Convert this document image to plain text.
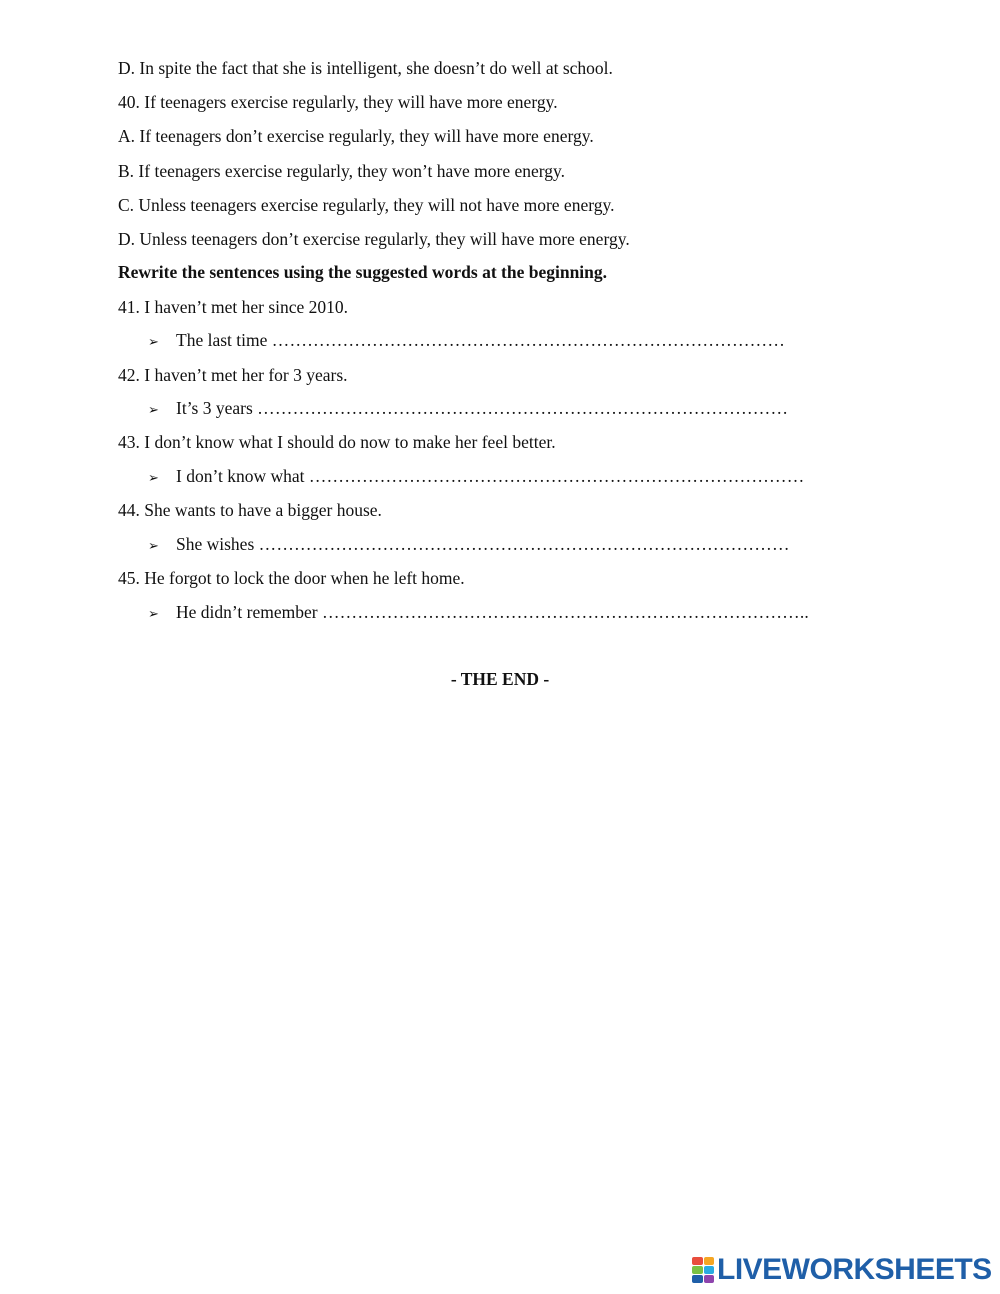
D. In spite the fact that she is intelligent, she doesn’t do well at school.
40. If teenagers exercise regularly, they will have more energy.
A. If teenagers don’t exercise regularly, they will have more energy.
B. If teenagers exercise regularly, they won’t have more energy.
C. Unless teenagers exercise regularly, they will not have more energy.
D. Unless teenagers don’t exercise regularly, they will have more energy.
Rewrite the sentences using the suggested words at the beginning.
41. I haven’t met her since 2010.
➢ The last time ……………………………………………………………………………
42. I haven’t met her for 3 years.
➢ It’s 3 years ………………………………………………………………………………
43. I don’t know what I should do now to make her feel better.
➢ I don’t know what …………………………………………………………………………
44. She wants to have a bigger house.
➢ She wishes ………………………………………………………………………………
45. He forgot to lock the door when he left home.
➢ He didn’t remember ………………………………………………………………………..
- THE END -
LIVEWORKSHEETS
